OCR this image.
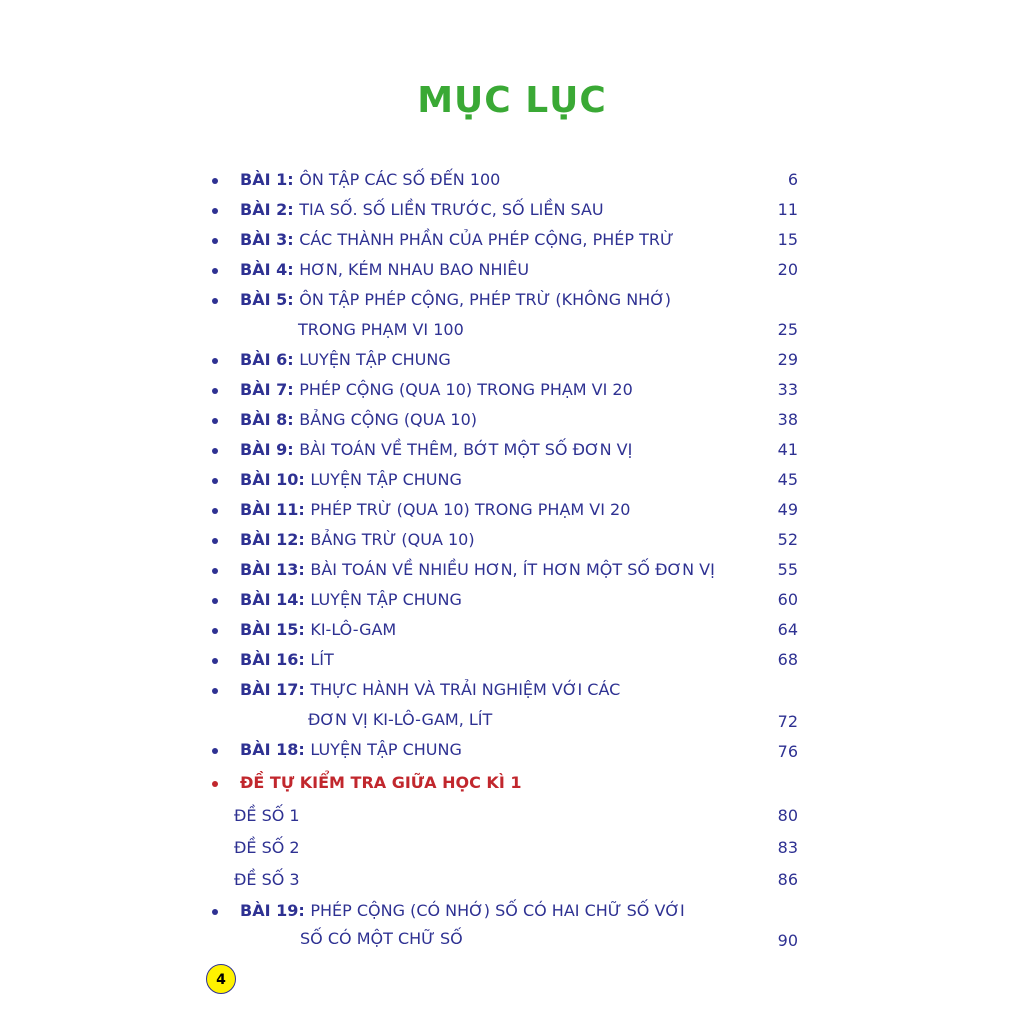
MỤC LỤC
BÀI 1: ÔN TẬP CÁC SỐ ĐẾN 100	6
BÀI 2: TIA SỐ. SỐ LIỀN TRƯỚC, SỐ LIỀN SAU	11
BÀI 3: CÁC THÀNH PHẦN CỦA PHÉP CỘNG, PHÉP TRỪ	15
BÀI 4: HƠN, KÉM NHAU BAO NHIÊU	20
BÀI 5: ÔN TẬP PHÉP CỘNG, PHÉP TRỪ (KHÔNG NHỚ)
TRONG PHẠM VI 100	25
BÀI 6: LUYỆN TẬP CHUNG	29
BÀI 7: PHÉP CỘNG (QUA 10) TRONG PHẠM VI 20	33
BÀI 8: BẢNG CỘNG (QUA 10)	38
BÀI 9: BÀI TOÁN VỀ THÊM, BỚT MỘT SỐ ĐƠN VỊ	41
BÀI 10: LUYỆN TẬP CHUNG	45
BÀI 11: PHÉP TRỪ (QUA 10) TRONG PHẠM VI 20	49
BÀI 12: BẢNG TRỪ (QUA 10)	52
BÀI 13: BÀI TOÁN VỀ NHIỀU HƠN, ÍT HƠN MỘT SỐ ĐƠN VỊ	55
BÀI 14: LUYỆN TẬP CHUNG	60
BÀI 15: KI-LÔ-GAM	64
BÀI 16: LÍT	68
BÀI 17: THỰC HÀNH VÀ TRẢI NGHIỆM VỚI CÁC
ĐƠN VỊ KI-LÔ-GAM, LÍT	72
BÀI 18: LUYỆN TẬP CHUNG	76
ĐỀ TỰ KIỂM TRA GIỮA HỌC KÌ 1
ĐỀ SỐ 1	80
ĐỀ SỐ 2	83
ĐỀ SỐ 3	86
BÀI 19: PHÉP CỘNG (CÓ NHỚ) SỐ CÓ HAI CHỮ SỐ VỚI
SỐ CÓ MỘT CHỮ SỐ	90
4
